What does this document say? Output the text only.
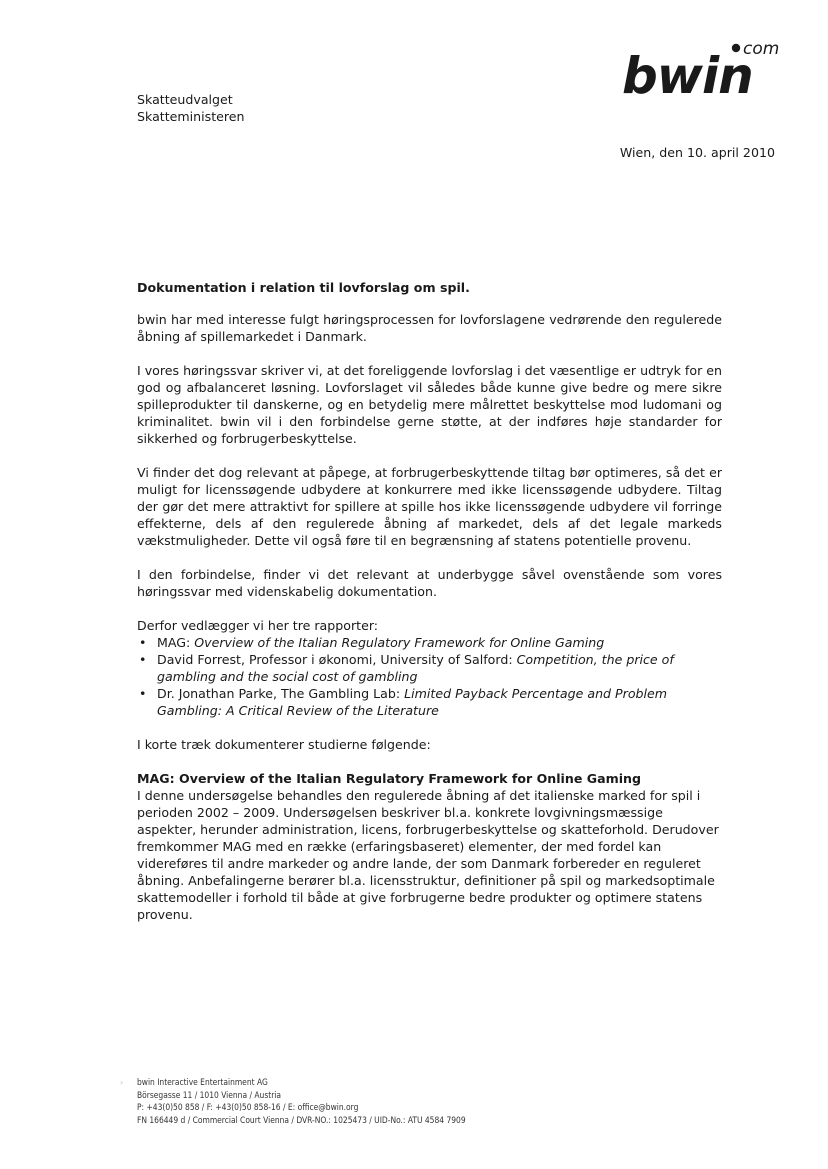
com
bwin
Skatteudvalget
Skatteministeren
Wien, den 10. april 2010

Dokumentation i relation til lovforslag om spil.

bwin har med interesse fulgt høringsprocessen for lovforslagene vedrørende den regulerede åbning af spillemarkedet i Danmark.

I vores høringssvar skriver vi, at det foreliggende lovforslag i det væsentlige er udtryk for en god og afbalanceret løsning. Lovforslaget vil således både kunne give bedre og mere sikre spilleprodukter til danskerne, og en betydelig mere målrettet beskyttelse mod ludomani og kriminalitet. bwin vil i den forbindelse gerne støtte, at der indføres høje standarder for sikkerhed og forbrugerbeskyttelse.

Vi finder det dog relevant at påpege, at forbrugerbeskyttende tiltag bør optimeres, så det er muligt for licenssøgende udbydere at konkurrere med ikke licenssøgende udbydere. Tiltag der gør det mere attraktivt for spillere at spille hos ikke licenssøgende udbydere vil forringe effekterne, dels af den regulerede åbning af markedet, dels af det legale markeds vækstmuligheder. Dette vil også føre til en begrænsning af statens potentielle provenu.

I den forbindelse, finder vi det relevant at underbygge såvel ovenstående som vores høringssvar med videnskabelig dokumentation.

Derfor vedlægger vi her tre rapporter:

• MAG: Overview of the Italian Regulatory Framework for Online Gaming
• David Forrest, Professor i økonomi, University of Salford: Competition, the price of gambling and the social cost of gambling
• Dr. Jonathan Parke, The Gambling Lab: Limited Payback Percentage and Problem Gambling: A Critical Review of the Literature

I korte træk dokumenterer studierne følgende:

MAG: Overview of the Italian Regulatory Framework for Online Gaming

I denne undersøgelse behandles den regulerede åbning af det italienske marked for spil i perioden 2002 – 2009. Undersøgelsen beskriver bl.a. konkrete lovgivningsmæssige aspekter, herunder administration, licens, forbrugerbeskyttelse og skatteforhold. Derudover fremkommer MAG med en række (erfaringsbaseret) elementer, der med fordel kan videreføres til andre markeder og andre lande, der som Danmark forbereder en reguleret åbning. Anbefalingerne berører bl.a. licensstruktur, definitioner på spil og markedsoptimale skattemodeller i forhold til både at give forbrugerne bedre produkter og optimere statens provenu.

› bwin Interactive Entertainment AG
Börsegasse 11 / 1010 Vienna / Austria
P: +43(0)50 858 / F: +43(0)50 858-16 / E: office@bwin.org
FN 166449 d / Commercial Court Vienna / DVR-NO.: 1025473 / UID-No.: ATU 4584 7909
